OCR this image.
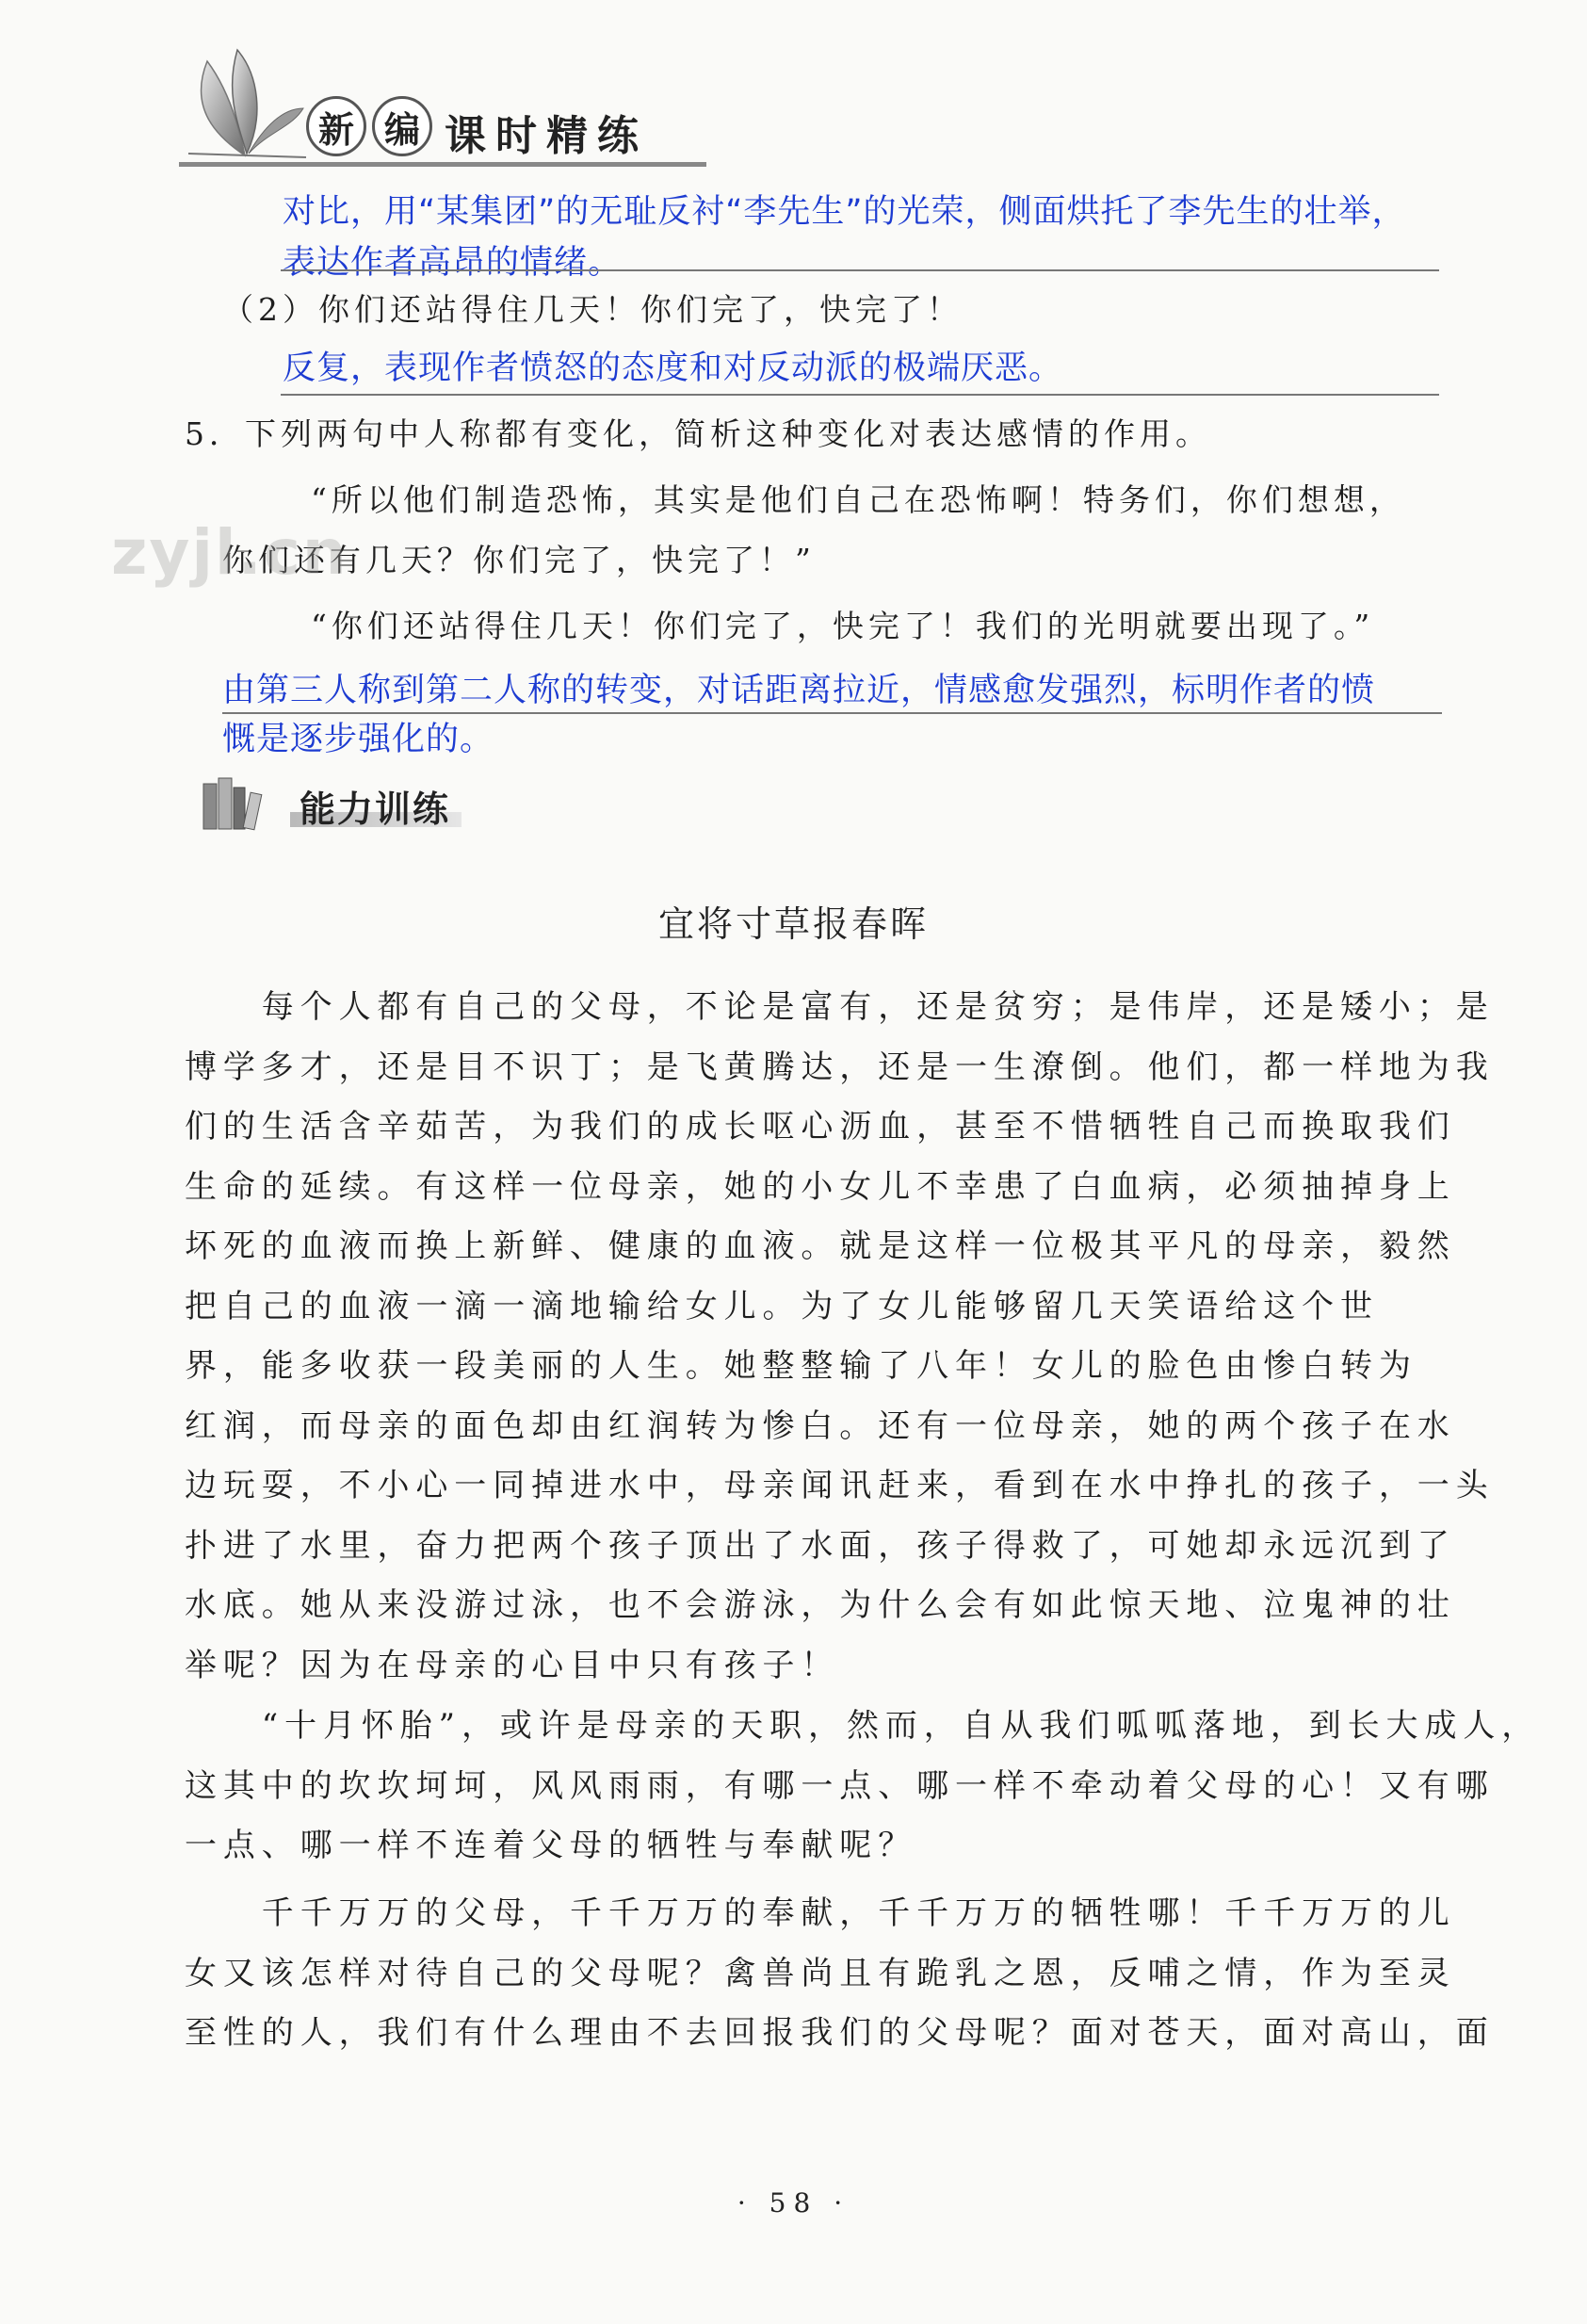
新 编 课时精练
对比，用“某集团”的无耻反衬“李先生”的光荣，侧面烘托了李先生的壮举，
表达作者高昂的情绪。
（2）你们还站得住几天！你们完了，快完了！
反复，表现作者愤怒的态度和对反动派的极端厌恶。
5．下列两句中人称都有变化，简析这种变化对表达感情的作用。
“所以他们制造恐怖，其实是他们自己在恐怖啊！特务们，你们想想，
你们还有几天？你们完了，快完了！”
“你们还站得住几天！你们完了，快完了！我们的光明就要出现了。”
由第三人称到第二人称的转变，对话距离拉近，情感愈发强烈，标明作者的愤
慨是逐步强化的。
zyjl.cn
能力训练
宜将寸草报春晖
　　每个人都有自己的父母，不论是富有，还是贫穷；是伟岸，还是矮小；是
博学多才，还是目不识丁；是飞黄腾达，还是一生潦倒。他们，都一样地为我
们的生活含辛茹苦，为我们的成长呕心沥血，甚至不惜牺牲自己而换取我们
生命的延续。有这样一位母亲，她的小女儿不幸患了白血病，必须抽掉身上
坏死的血液而换上新鲜、健康的血液。就是这样一位极其平凡的母亲，毅然
把自己的血液一滴一滴地输给女儿。为了女儿能够留几天笑语给这个世
界，能多收获一段美丽的人生。她整整输了八年！女儿的脸色由惨白转为
红润，而母亲的面色却由红润转为惨白。还有一位母亲，她的两个孩子在水
边玩耍，不小心一同掉进水中，母亲闻讯赶来，看到在水中挣扎的孩子，一头
扑进了水里，奋力把两个孩子顶出了水面，孩子得救了，可她却永远沉到了
水底。她从来没游过泳，也不会游泳，为什么会有如此惊天地、泣鬼神的壮
举呢？因为在母亲的心目中只有孩子！
　　“十月怀胎”，或许是母亲的天职，然而，自从我们呱呱落地，到长大成人，
这其中的坎坎坷坷，风风雨雨，有哪一点、哪一样不牵动着父母的心！又有哪
一点、哪一样不连着父母的牺牲与奉献呢？
　　千千万万的父母，千千万万的奉献，千千万万的牺牲哪！千千万万的儿
女又该怎样对待自己的父母呢？禽兽尚且有跪乳之恩，反哺之情，作为至灵
至性的人，我们有什么理由不去回报我们的父母呢？面对苍天，面对高山，面
· 58 ·
